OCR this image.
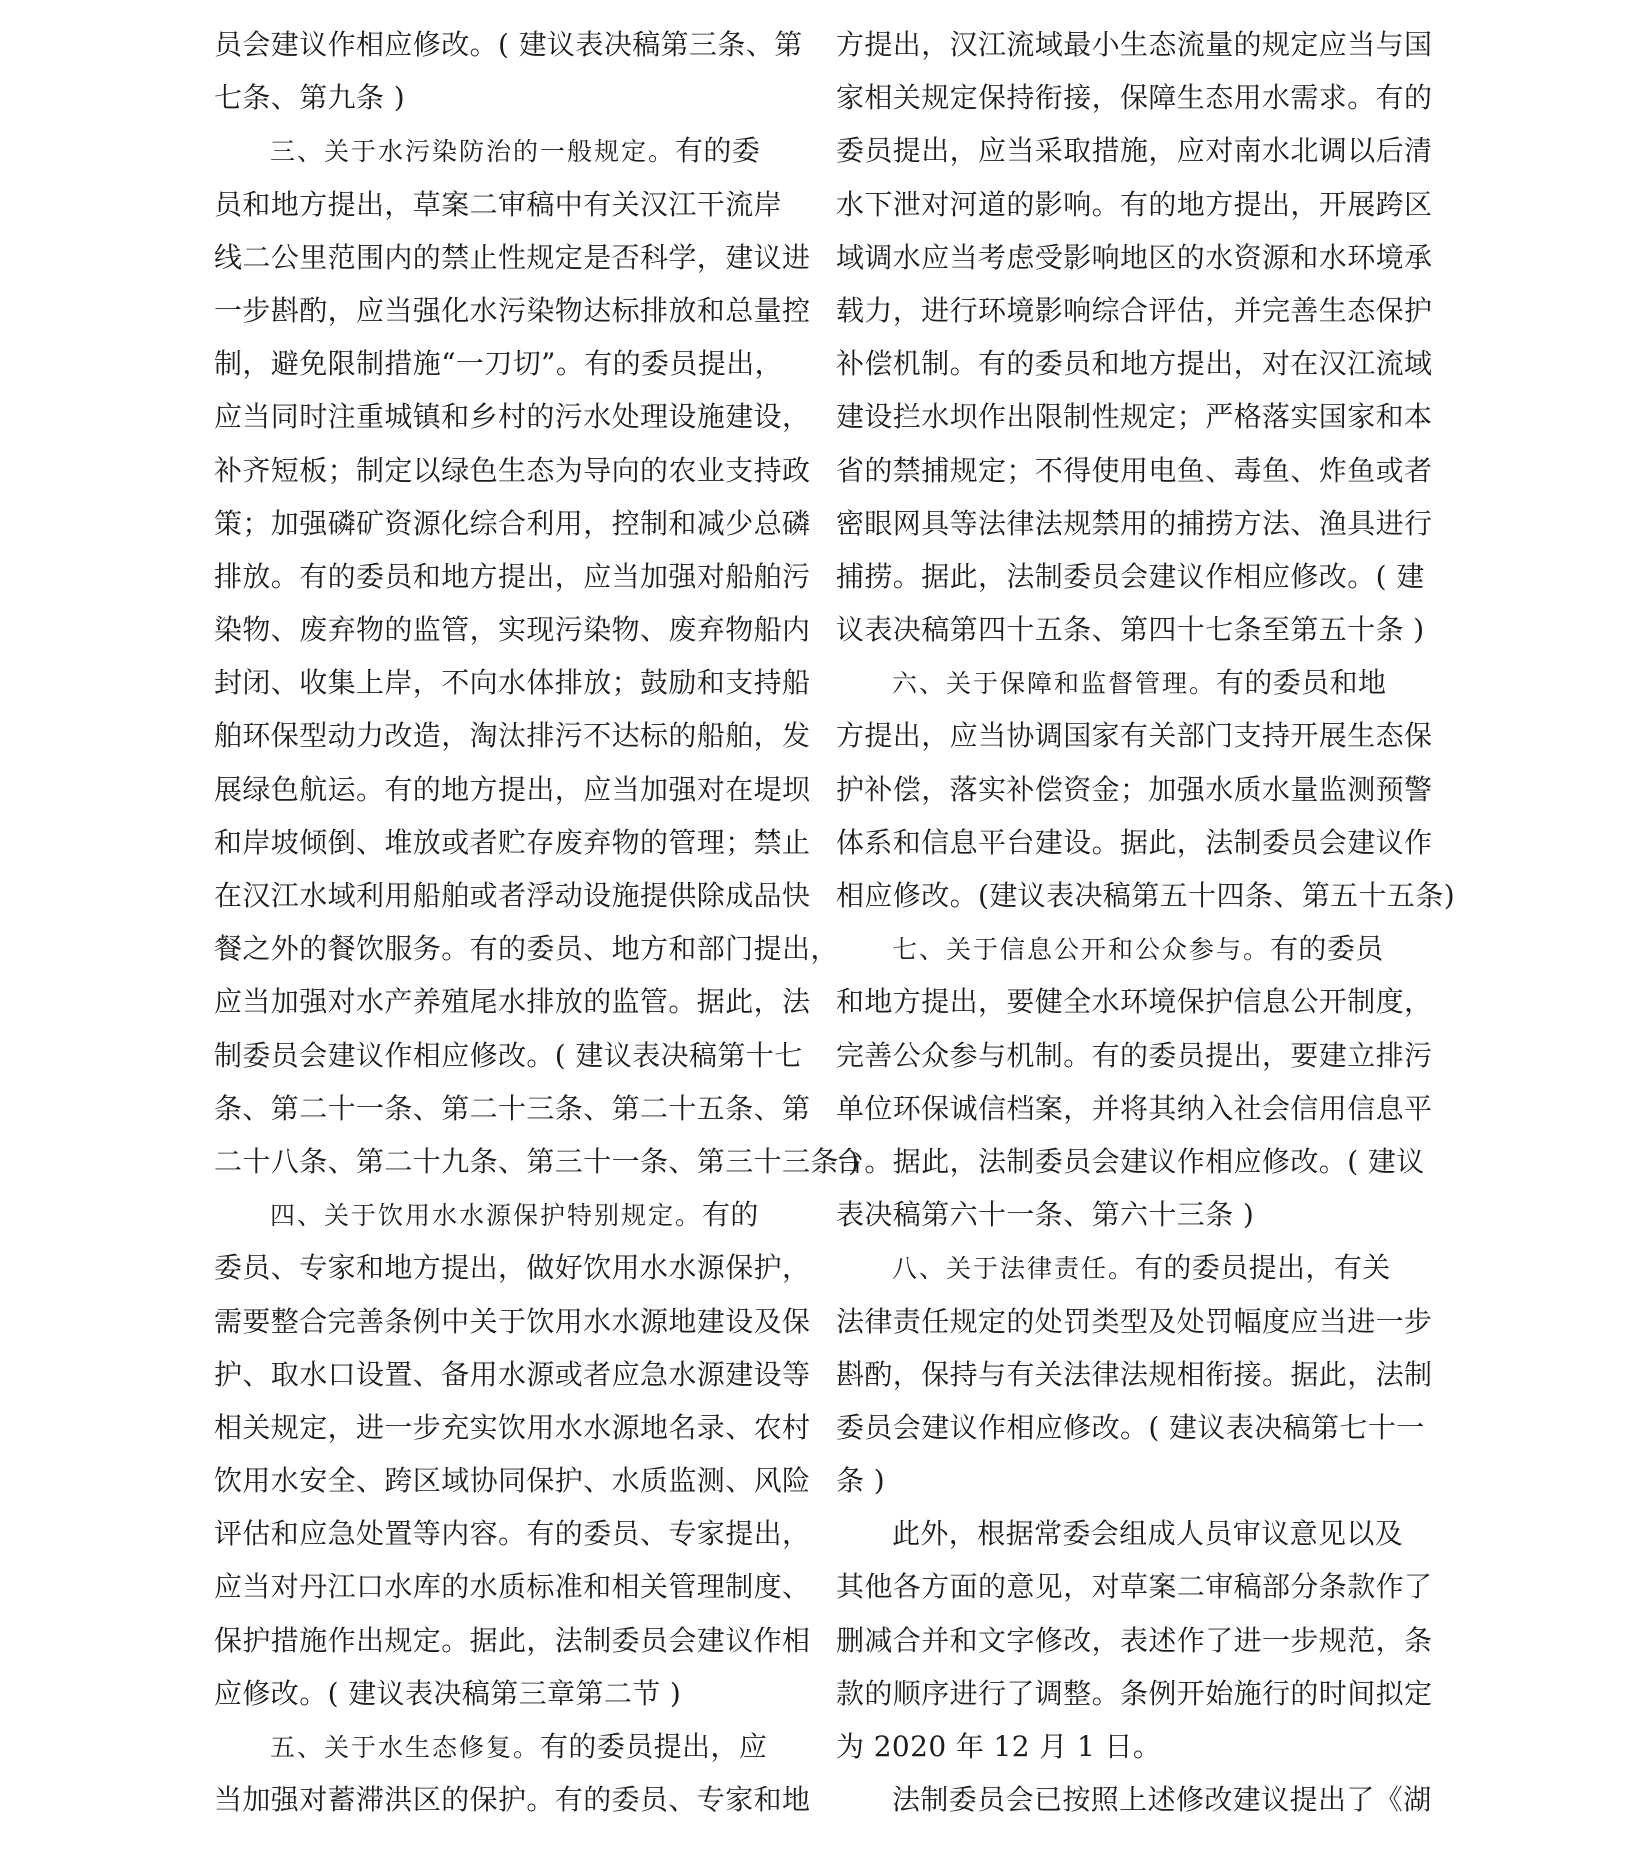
员会建议作相应修改。( 建议表决稿第三条、第
七条、第九条 )
三、关于水污染防治的一般规定。有的委
员和地方提出，草案二审稿中有关汉江干流岸
线二公里范围内的禁止性规定是否科学，建议进
一步斟酌，应当强化水污染物达标排放和总量控
制，避免限制措施“一刀切”。有的委员提出，
应当同时注重城镇和乡村的污水处理设施建设，
补齐短板；制定以绿色生态为导向的农业支持政
策；加强磷矿资源化综合利用，控制和减少总磷
排放。有的委员和地方提出，应当加强对船舶污
染物、废弃物的监管，实现污染物、废弃物船内
封闭、收集上岸，不向水体排放；鼓励和支持船
舶环保型动力改造，淘汰排污不达标的船舶，发
展绿色航运。有的地方提出，应当加强对在堤坝
和岸坡倾倒、堆放或者贮存废弃物的管理；禁止
在汉江水域利用船舶或者浮动设施提供除成品快
餐之外的餐饮服务。有的委员、地方和部门提出，
应当加强对水产养殖尾水排放的监管。据此，法
制委员会建议作相应修改。( 建议表决稿第十七
条、第二十一条、第二十三条、第二十五条、第
二十八条、第二十九条、第三十一条、第三十三条 )
四、关于饮用水水源保护特别规定。有的
委员、专家和地方提出，做好饮用水水源保护，
需要整合完善条例中关于饮用水水源地建设及保
护、取水口设置、备用水源或者应急水源建设等
相关规定，进一步充实饮用水水源地名录、农村
饮用水安全、跨区域协同保护、水质监测、风险
评估和应急处置等内容。有的委员、专家提出，
应当对丹江口水库的水质标准和相关管理制度、
保护措施作出规定。据此，法制委员会建议作相
应修改。( 建议表决稿第三章第二节 )
五、关于水生态修复。有的委员提出，应
当加强对蓄滞洪区的保护。有的委员、专家和地
方提出，汉江流域最小生态流量的规定应当与国
家相关规定保持衔接，保障生态用水需求。有的
委员提出，应当采取措施，应对南水北调以后清
水下泄对河道的影响。有的地方提出，开展跨区
域调水应当考虑受影响地区的水资源和水环境承
载力，进行环境影响综合评估，并完善生态保护
补偿机制。有的委员和地方提出，对在汉江流域
建设拦水坝作出限制性规定；严格落实国家和本
省的禁捕规定；不得使用电鱼、毒鱼、炸鱼或者
密眼网具等法律法规禁用的捕捞方法、渔具进行
捕捞。据此，法制委员会建议作相应修改。( 建
议表决稿第四十五条、第四十七条至第五十条 )
六、关于保障和监督管理。有的委员和地
方提出，应当协调国家有关部门支持开展生态保
护补偿，落实补偿资金；加强水质水量监测预警
体系和信息平台建设。据此，法制委员会建议作
相应修改。(建议表决稿第五十四条、第五十五条)
七、关于信息公开和公众参与。有的委员
和地方提出，要健全水环境保护信息公开制度，
完善公众参与机制。有的委员提出，要建立排污
单位环保诚信档案，并将其纳入社会信用信息平
台。据此，法制委员会建议作相应修改。( 建议
表决稿第六十一条、第六十三条 )
八、关于法律责任。有的委员提出，有关
法律责任规定的处罚类型及处罚幅度应当进一步
斟酌，保持与有关法律法规相衔接。据此，法制
委员会建议作相应修改。( 建议表决稿第七十一
条 )
此外，根据常委会组成人员审议意见以及
其他各方面的意见，对草案二审稿部分条款作了
删减合并和文字修改，表述作了进一步规范，条
款的顺序进行了调整。条例开始施行的时间拟定
为 2020 年 12 月 1 日。
法制委员会已按照上述修改建议提出了《湖
